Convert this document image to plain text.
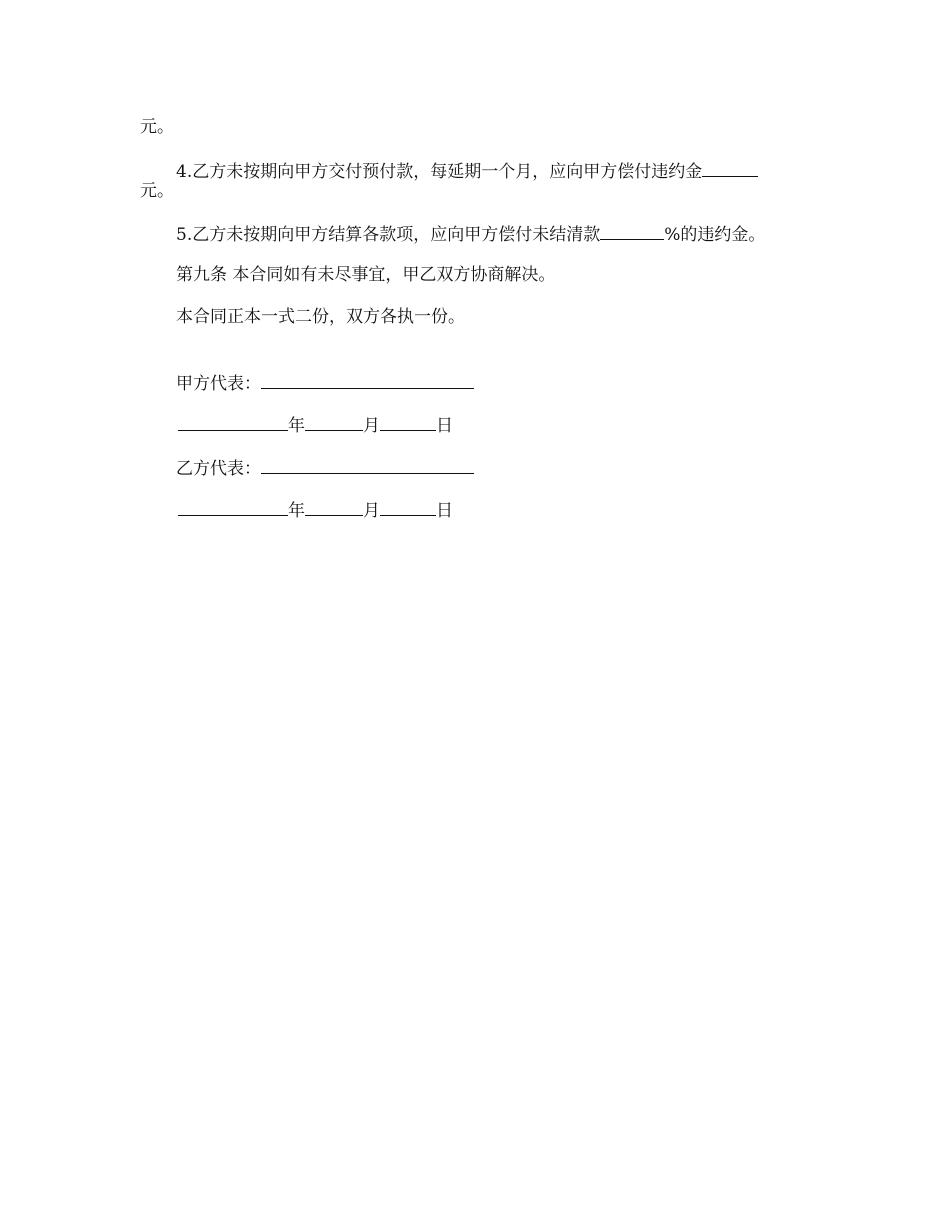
元。
4.乙方未按期向甲方交付预付款，每延期一个月，应向甲方偿付违约金
元。
5.乙方未按期向甲方结算各款项，应向甲方偿付未结清款	%的违约金。
第九条 本合同如有未尽事宜，甲乙双方协商解决。
本合同正本一式二份，双方各执一份。
甲方代表：
年	月	日
乙方代表：
年	月	日
